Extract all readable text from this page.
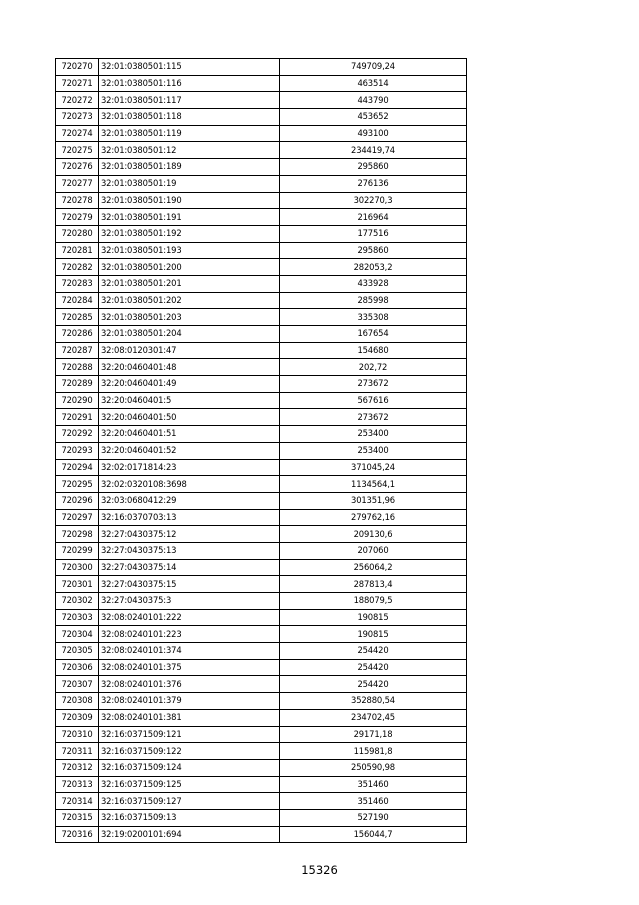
720270	32:01:0380501:115	749709,24
720271	32:01:0380501:116	463514
720272	32:01:0380501:117	443790
720273	32:01:0380501:118	453652
720274	32:01:0380501:119	493100
720275	32:01:0380501:12	234419,74
720276	32:01:0380501:189	295860
720277	32:01:0380501:19	276136
720278	32:01:0380501:190	302270,3
720279	32:01:0380501:191	216964
720280	32:01:0380501:192	177516
720281	32:01:0380501:193	295860
720282	32:01:0380501:200	282053,2
720283	32:01:0380501:201	433928
720284	32:01:0380501:202	285998
720285	32:01:0380501:203	335308
720286	32:01:0380501:204	167654
720287	32:08:0120301:47	154680
720288	32:20:0460401:48	202,72
720289	32:20:0460401:49	273672
720290	32:20:0460401:5	567616
720291	32:20:0460401:50	273672
720292	32:20:0460401:51	253400
720293	32:20:0460401:52	253400
720294	32:02:0171814:23	371045,24
720295	32:02:0320108:3698	1134564,1
720296	32:03:0680412:29	301351,96
720297	32:16:0370703:13	279762,16
720298	32:27:0430375:12	209130,6
720299	32:27:0430375:13	207060
720300	32:27:0430375:14	256064,2
720301	32:27:0430375:15	287813,4
720302	32:27:0430375:3	188079,5
720303	32:08:0240101:222	190815
720304	32:08:0240101:223	190815
720305	32:08:0240101:374	254420
720306	32:08:0240101:375	254420
720307	32:08:0240101:376	254420
720308	32:08:0240101:379	352880,54
720309	32:08:0240101:381	234702,45
720310	32:16:0371509:121	29171,18
720311	32:16:0371509:122	115981,8
720312	32:16:0371509:124	250590,98
720313	32:16:0371509:125	351460
720314	32:16:0371509:127	351460
720315	32:16:0371509:13	527190
720316	32:19:0200101:694	156044,7
15326
